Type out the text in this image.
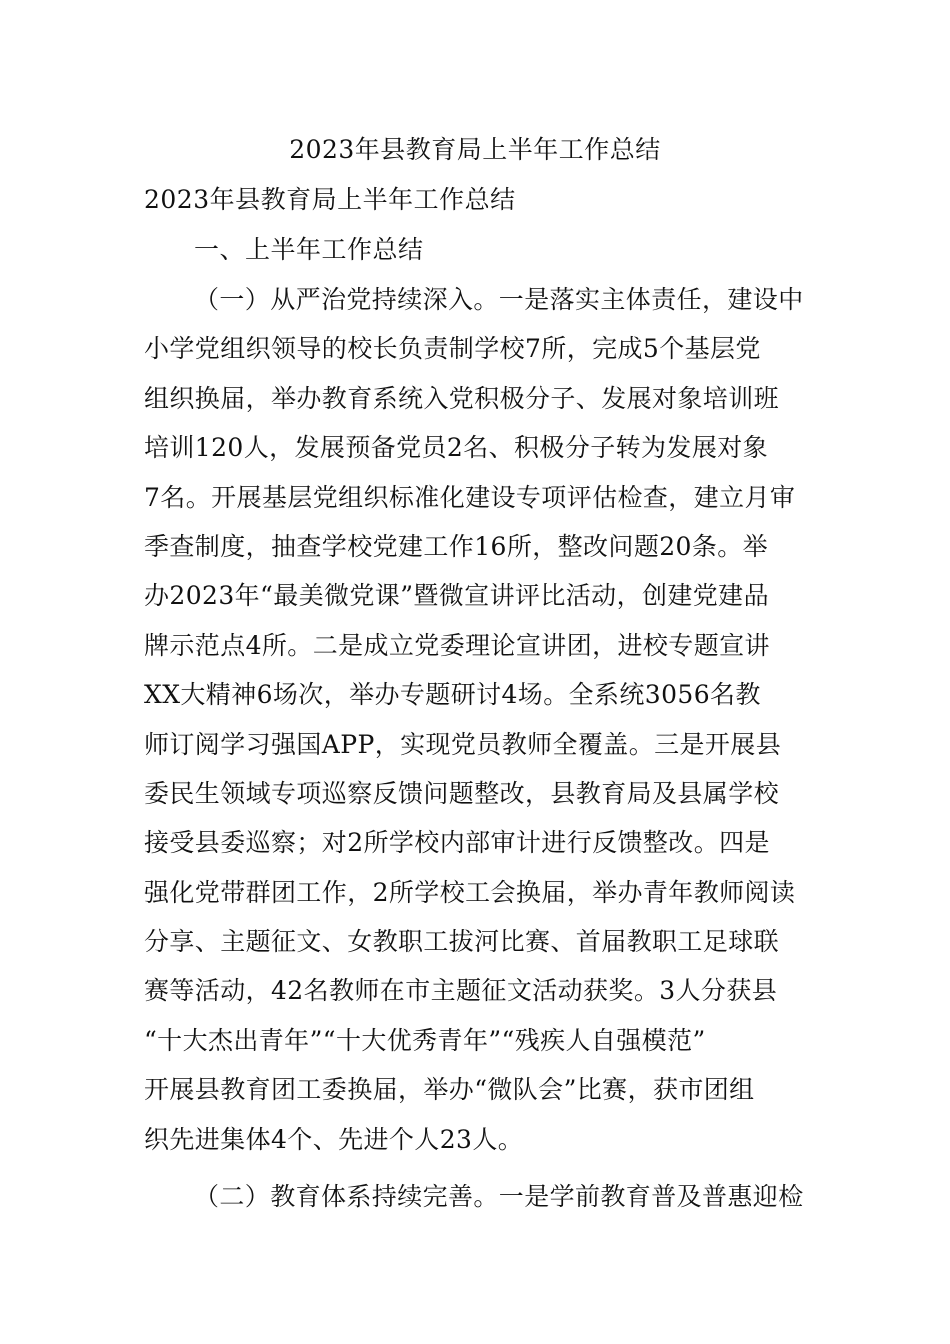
2023年县教育局上半年工作总结
2023年县教育局上半年工作总结
一、上半年工作总结
（一）从严治党持续深入。一是落实主体责任，建设中
小学党组织领导的校长负责制学校7所，完成5个基层党
组织换届，举办教育系统入党积极分子、发展对象培训班
培训120人，发展预备党员2名、积极分子转为发展对象
7名。开展基层党组织标准化建设专项评估检查，建立月审
季查制度，抽查学校党建工作16所，整改问题20条。举
办2023年“最美微党课”暨微宣讲评比活动，创建党建品
牌示范点4所。二是成立党委理论宣讲团，进校专题宣讲
XX大精神6场次，举办专题研讨4场。全系统3056名教
师订阅学习强国APP，实现党员教师全覆盖。三是开展县
委民生领域专项巡察反馈问题整改，县教育局及县属学校
接受县委巡察；对2所学校内部审计进行反馈整改。四是
强化党带群团工作，2所学校工会换届，举办青年教师阅读
分享、主题征文、女教职工拔河比赛、首届教职工足球联
赛等活动，42名教师在市主题征文活动获奖。3人分获县
“十大杰出青年”“十大优秀青年”“残疾人自强模范”
开展县教育团工委换届，举办“微队会”比赛，获市团组
织先进集体4个、先进个人23人。
（二）教育体系持续完善。一是学前教育普及普惠迎检
